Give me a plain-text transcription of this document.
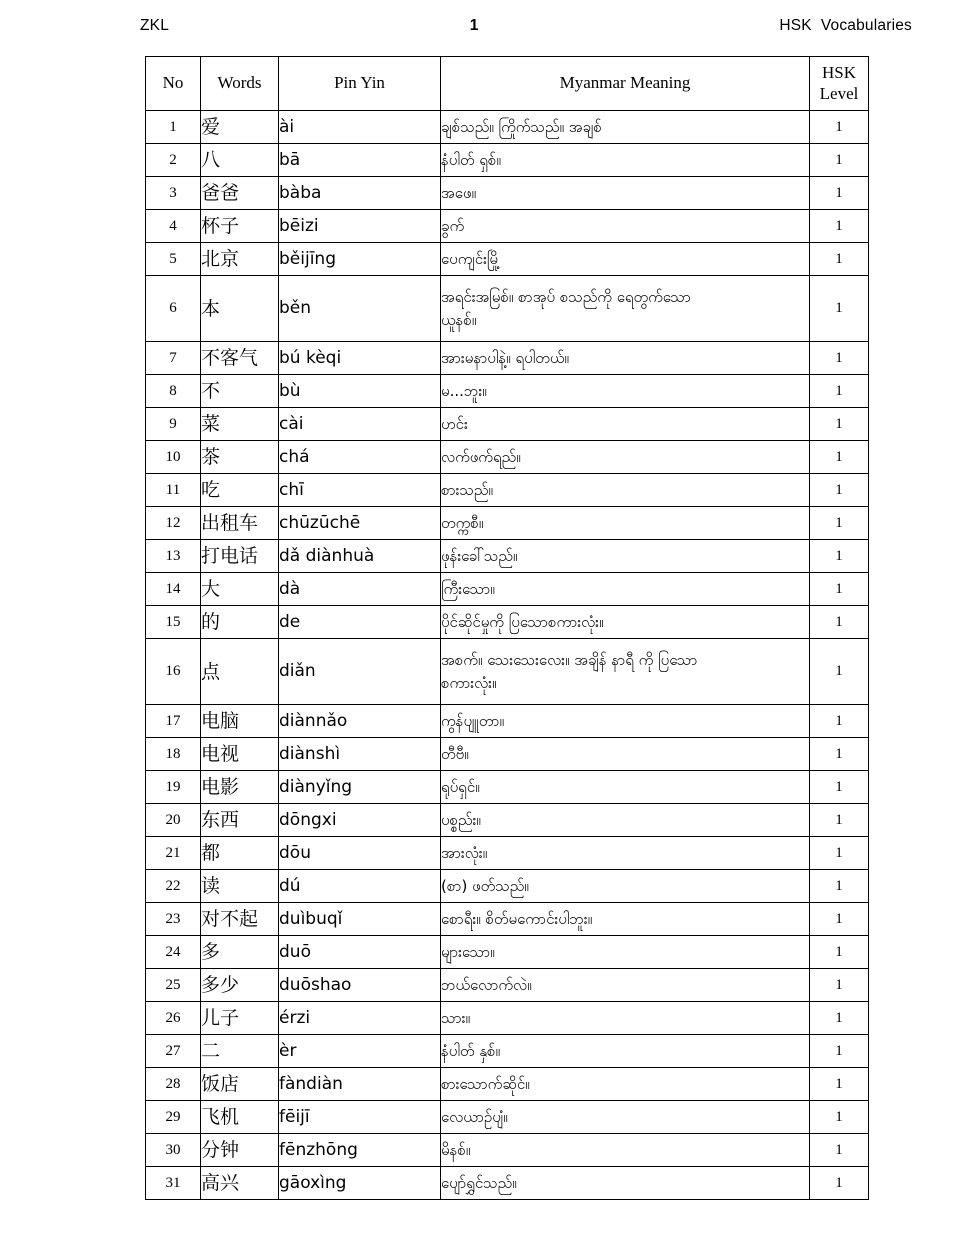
ZKL	1	HSK  Vocabularies
No	Words	Pin Yin	Myanmar Meaning	HSK
Level

1	爱	ài	ချစ်သည်။ ကြိုက်သည်။ အချစ်	1
2	八	bā	နံပါတ် ရှစ်။	1
3	爸爸	bàba	အဖေ။	1
4	杯子	bēizi	ခွက်	1
5	北京	běijīng	ပေကျင်းမြို့	1
6	本	běn	အရင်းအမြစ်။ စာအုပ် စသည်ကို ရေတွက်သော
ယူနစ်။	1
7	不客气	bú kèqi	အားမနာပါနဲ့။ ရပါတယ်။	1
8	不	bù	မ...ဘူး။	1
9	菜	cài	ဟင်း	1
10	茶	chá	လက်ဖက်ရည်။	1
11	吃	chī	စားသည်။	1
12	出租车	chūzūchē	တက္ကစီ။	1
13	打电话	dǎ diànhuà	ဖုန်းခေါ်သည်။	1
14	大	dà	ကြီးသော။	1
15	的	de	ပိုင်ဆိုင်မှုကို ပြသောစကားလုံး။	1
16	点	diǎn	အစက်။ သေးသေးလေး။ အချိန် နာရီ ကို ပြသော
စကားလုံး။	1
17	电脑	diànnǎo	ကွန်ပျူတာ။	1
18	电视	diànshì	တီဗီ။	1
19	电影	diànyǐng	ရုပ်ရှင်။	1
20	东西	dōngxi	ပစ္စည်း။	1
21	都	dōu	အားလုံး။	1
22	读	dú	(စာ) ဖတ်သည်။	1
23	对不起	duìbuqǐ	စောရီး။ စိတ်မကောင်းပါဘူး။	1
24	多	duō	များသော။	1
25	多少	duōshao	ဘယ်လောက်လဲ။	1
26	儿子	érzi	သား။	1
27	二	èr	နံပါတ် နှစ်။	1
28	饭店	fàndiàn	စားသောက်ဆိုင်။	1
29	飞机	fēijī	လေယာဉ်ပျံ။	1
30	分钟	fēnzhōng	မိနစ်။	1
31	高兴	gāoxìng	ပျော်ရွှင်သည်။	1
